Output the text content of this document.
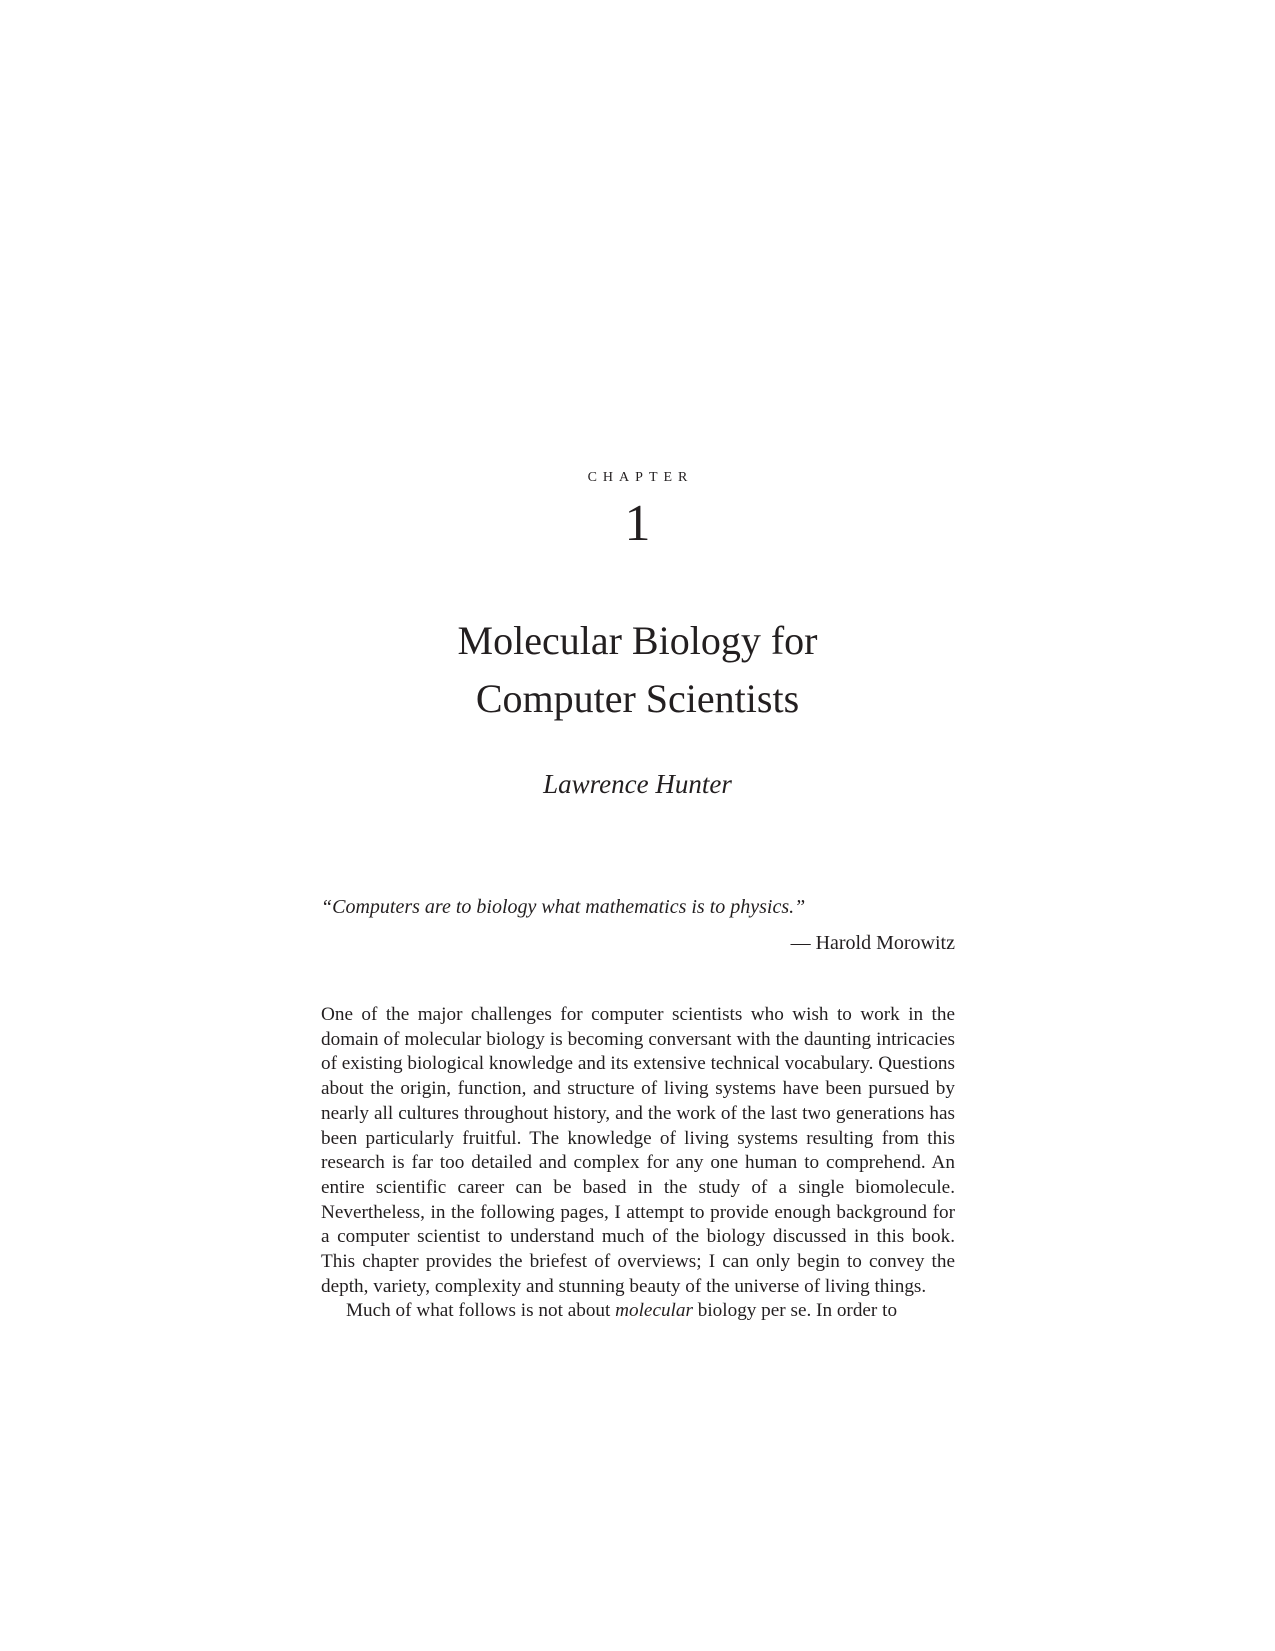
CHAPTER
1
Molecular Biology for
Computer Scientists
Lawrence Hunter
“Computers are to biology what mathematics is to physics.”
— Harold Morowitz

One of the major challenges for computer scientists who wish to work in the domain of molecular biology is becoming conversant with the daunting intricacies of existing biological knowledge and its extensive technical vocabulary. Questions about the origin, function, and structure of living systems have been pursued by nearly all cultures throughout history, and the work of the last two generations has been particularly fruitful. The knowledge of living systems resulting from this research is far too detailed and complex for any one human to comprehend. An entire scientific career can be based in the study of a single biomolecule. Nevertheless, in the following pages, I attempt to provide enough background for a computer scientist to understand much of the biology discussed in this book. This chapter provides the briefest of overviews; I can only begin to convey the depth, variety, complexity and stunning beauty of the universe of living things.

Much of what follows is not about molecular biology per se. In order to
